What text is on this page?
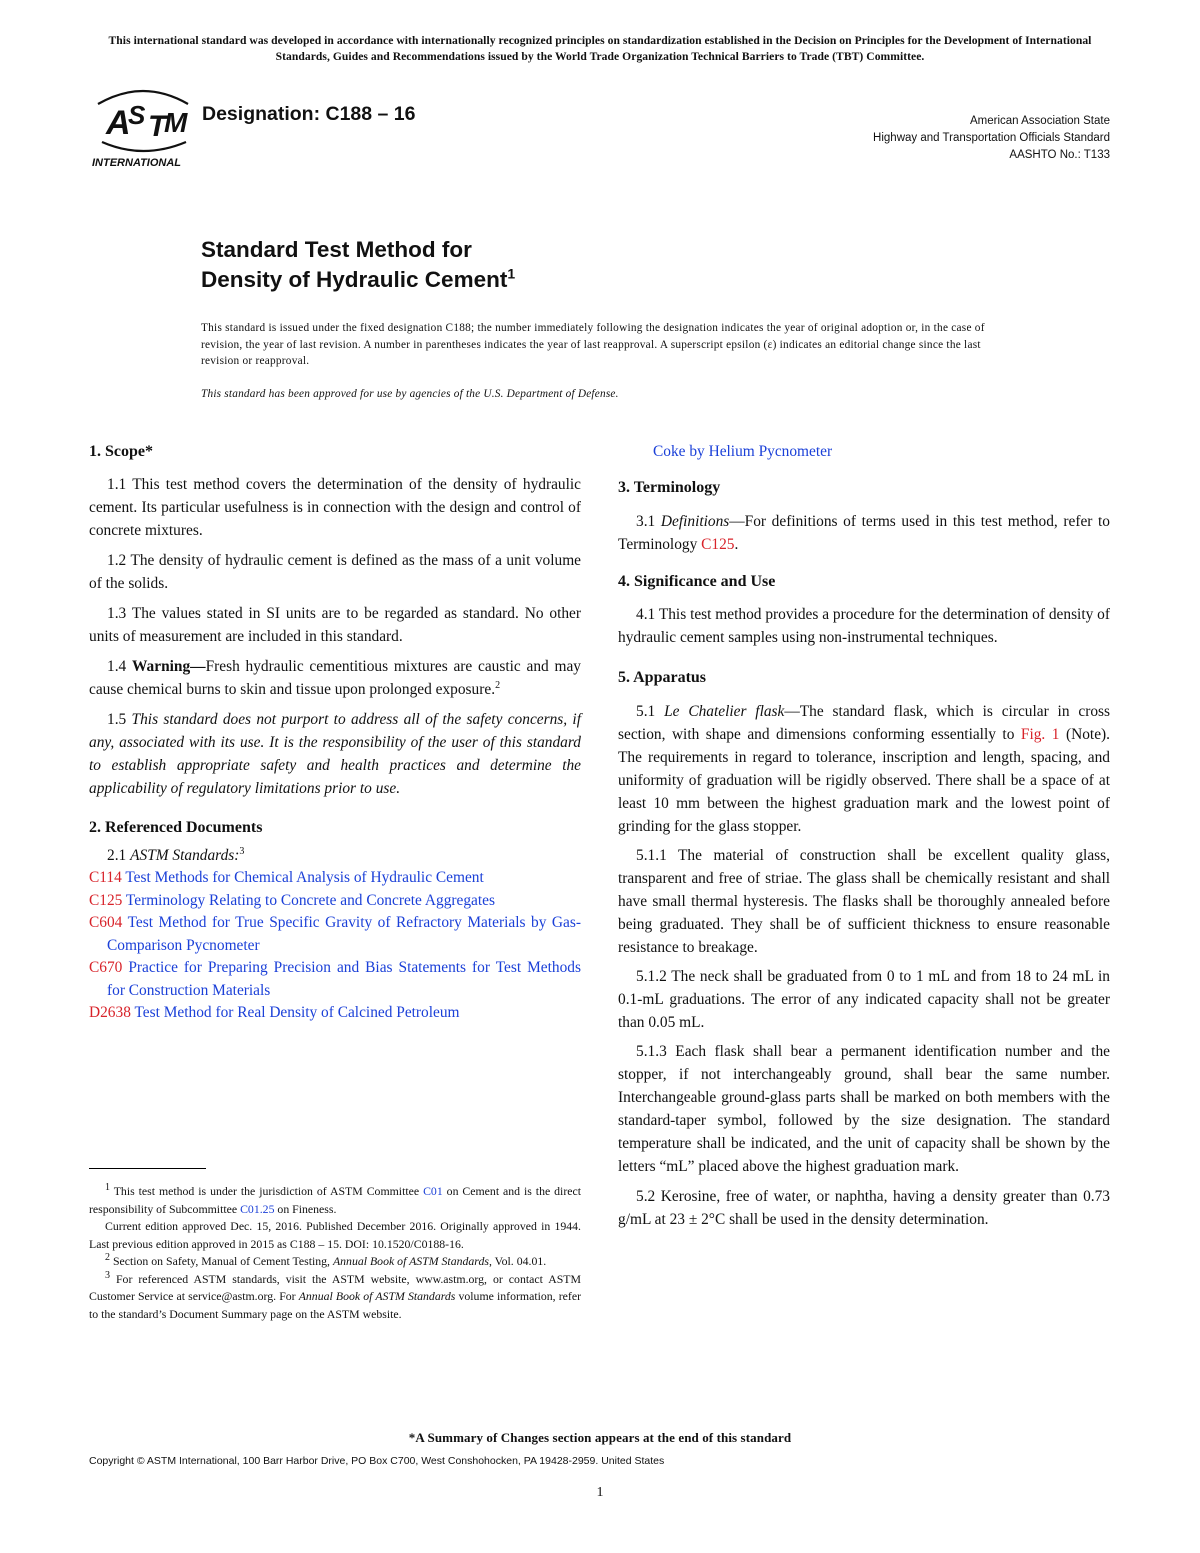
This international standard was developed in accordance with internationally recognized principles on standardization established in the Decision on Principles for the Development of International Standards, Guides and Recommendations issued by the World Trade Organization Technical Barriers to Trade (TBT) Committee.
A
S T
M
INTERNATIONAL
Designation: C188 – 16	American Association State
Highway and Transportation Officials Standard
AASHTO No.: T133
Standard Test Method for
Density of Hydraulic Cement$^1$
This standard is issued under the fixed designation C188; the number immediately following the designation indicates the year of original adoption or, in the case of revision, the year of last revision. A number in parentheses indicates the year of last reapproval. A superscript epsilon (ε) indicates an editorial change since the last revision or reapproval.
This standard has been approved for use by agencies of the U.S. Department of Defense.
1. Scope*

1.1 This test method covers the determination of the density of hydraulic cement. Its particular usefulness is in connection with the design and control of concrete mixtures.

1.2 The density of hydraulic cement is defined as the mass of a unit volume of the solids.

1.3 The values stated in SI units are to be regarded as standard. No other units of measurement are included in this standard.

1.4 Warning—Fresh hydraulic cementitious mixtures are caustic and may cause chemical burns to skin and tissue upon prolonged exposure.$^2$

1.5 This standard does not purport to address all of the safety concerns, if any, associated with its use. It is the responsibility of the user of this standard to establish appropriate safety and health practices and determine the applicability of regulatory limitations prior to use.

2. Referenced Documents

2.1 ASTM Standards:$^3$

C114 Test Methods for Chemical Analysis of Hydraulic Cement

C125 Terminology Relating to Concrete and Concrete Aggregates

C604 Test Method for True Specific Gravity of Refractory Materials by Gas-Comparison Pycnometer

C670 Practice for Preparing Precision and Bias Statements for Test Methods for Construction Materials

D2638 Test Method for Real Density of Calcined Petroleum

$^1$ This test method is under the jurisdiction of ASTM Committee C01 on Cement and is the direct responsibility of Subcommittee C01.25 on Fineness.

Current edition approved Dec. 15, 2016. Published December 2016. Originally approved in 1944. Last previous edition approved in 2015 as C188 – 15. DOI: 10.1520/C0188-16.

$^2$ Section on Safety, Manual of Cement Testing, Annual Book of ASTM Standards, Vol. 04.01.

$^3$ For referenced ASTM standards, visit the ASTM website, www.astm.org, or contact ASTM Customer Service at service@astm.org. For Annual Book of ASTM Standards volume information, refer to the standard’s Document Summary page on the ASTM website.

Coke by Helium Pycnometer

3. Terminology

3.1 Definitions—For definitions of terms used in this test method, refer to Terminology C125.

4. Significance and Use

4.1 This test method provides a procedure for the determination of density of hydraulic cement samples using non-instrumental techniques.

5. Apparatus

5.1 Le Chatelier flask—The standard flask, which is circular in cross section, with shape and dimensions conforming essentially to Fig. 1 (Note). The requirements in regard to tolerance, inscription and length, spacing, and uniformity of graduation will be rigidly observed. There shall be a space of at least 10 mm between the highest graduation mark and the lowest point of grinding for the glass stopper.

5.1.1 The material of construction shall be excellent quality glass, transparent and free of striae. The glass shall be chemically resistant and shall have small thermal hysteresis. The flasks shall be thoroughly annealed before being graduated. They shall be of sufficient thickness to ensure reasonable resistance to breakage.

5.1.2 The neck shall be graduated from 0 to 1 mL and from 18 to 24 mL in 0.1-mL graduations. The error of any indicated capacity shall not be greater than 0.05 mL.

5.1.3 Each flask shall bear a permanent identification number and the stopper, if not interchangeably ground, shall bear the same number. Interchangeable ground-glass parts shall be marked on both members with the standard-taper symbol, followed by the size designation. The standard temperature shall be indicated, and the unit of capacity shall be shown by the letters “mL” placed above the highest graduation mark.

5.2 Kerosine, free of water, or naphtha, having a density greater than 0.73 g/mL at 23 ± 2°C shall be used in the density determination.

*A Summary of Changes section appears at the end of this standard
Copyright © ASTM International, 100 Barr Harbor Drive, PO Box C700, West Conshohocken, PA 19428-2959. United States
1
